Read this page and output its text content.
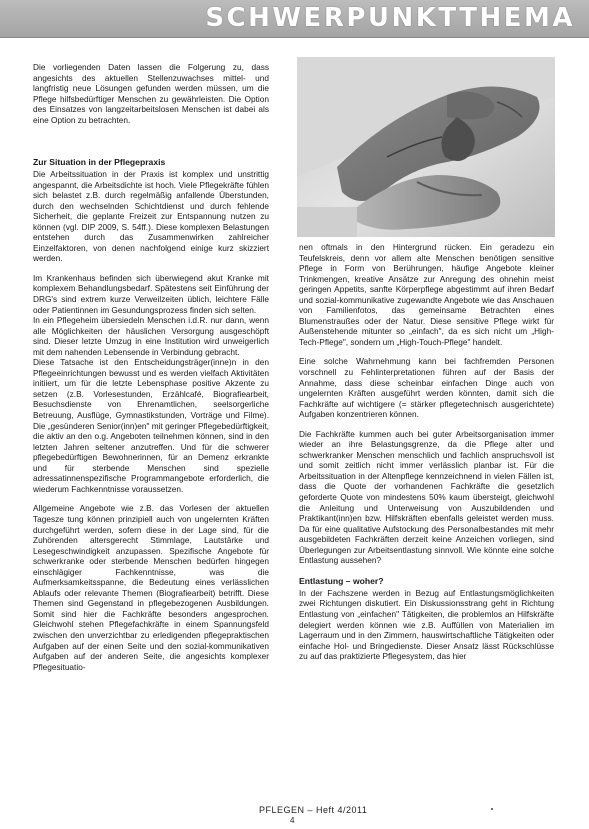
SCHWERPUNKTTHEMA

Die vorliegenden Daten lassen die Folgerung zu, dass angesichts des aktuellen Stellenzuwachses mittel- und langfristig neue Lösungen gefunden werden müssen, um die Pflege hilfsbedürftiger Menschen zu gewährleisten. Die Option des Einsatzes von langzeitarbeitslosen Menschen ist dabei als eine Option zu betrachten.

Zur Situation in der Pflegepraxis

Die Arbeitssituation in der Praxis ist komplex und unstrittig angespannt, die Arbeitsdichte ist hoch. Viele Pflegekräfte fühlen sich belastet z.B. durch regelmäßig anfallende Überstunden, durch den wechselnden Schichtdienst und durch fehlende Sicherheit, die geplante Freizeit zur Entspannung nutzen zu können (vgl. DIP 2009, S. 54ff.). Diese komplexen Belastungen entstehen durch das Zusammenwirken zahlreicher Einzelfaktoren, von denen nachfolgend einige kurz skizziert werden.

Im Krankenhaus befinden sich überwiegend akut Kranke mit komplexem Behandlungsbedarf. Spätestens seit Einführung der DRG's sind extrem kurze Verweilzeiten üblich, leichtere Fälle oder Patientinnen im Gesundungsprozess finden sich selten.

In ein Pflegeheim übersiedeln Menschen i.d.R. nur dann, wenn alle Möglichkeiten der häuslichen Versorgung ausgeschöpft sind. Dieser letzte Umzug in eine Institution wird unweigerlich mit dem nahenden Lebensende in Verbindung gebracht.

Diese Tatsache ist den Entscheidungsträger(inne)n in den Pflegeeinrichtungen bewusst und es werden vielfach Aktivitäten initiiert, um für die letzte Lebensphase positive Akzente zu setzen (z.B. Vorlesestunden, Erzählcafé, Biografiearbeit, Besuchsdienste von Ehrenamtlichen, seelsorgerliche Betreuung, Ausflüge, Gymnastikstunden, Vorträge und Filme). Die „gesünderen Senior(inn)en" mit geringer Pflegebedürftigkeit, die aktiv an den o.g. Angeboten teilnehmen können, sind in den letzten Jahren seltener anzutreffen. Und für die schwerer pflegebedürftigen Bewohnerinnen, für an Demenz erkrankte und für sterbende Menschen sind spezielle adressatinnenspezifische Programmangebote erforderlich, die wiederum Fachkenntnisse voraussetzen.

Allgemeine Angebote wie z.B. das Vorlesen der aktuellen Tagesze tung können prinzipiell auch von ungelernten Kräften durchgeführt werden, sofern diese in der Lage sind, für die Zuhörenden altersgerecht Stimmlage, Lautstärke und Lesegeschwindigkeit anzupassen. Spezifische Angebote für schwerkranke oder sterbende Menschen bedürfen hingegen einschlägiger Fachkenntnisse, was die Aufmerksamkeitsspanne, die Bedeutung eines verlässlichen Ablaufs oder relevante Themen (Biografiearbeit) betrifft. Diese Themen sind Gegenstand in pflegebezogenen Ausbildungen. Somit sind hier die Fachkräfte besonders angesprochen. Gleichwohl stehen Pflegefachkräfte in einem Spannungsfeld zwischen den unverzichtbar zu erledigenden pflegepraktischen Aufgaben auf der einen Seite und den sozial-kommunikativen Aufgaben auf der anderen Seite, die angesichts komplexer Pflegesituatio-

nen oftmals in den Hintergrund rücken. Ein geradezu ein Teufelskreis, denn vor allem alte Menschen benötigen sensitive Pflege in Form von Berührungen, häufige Angebote kleiner Trinkmengen, kreative Ansätze zur Anregung des ohnehin meist geringen Appetits, sanfte Körperpflege abgestimmt auf ihren Bedarf und sozial-kommunikative zugewandte Angebote wie das Anschauen von Familienfotos, das gemeinsame Betrachten eines Blumenstraußes oder der Natur. Diese sensitive Pflege wirkt für Außenstehende mitunter so „einfach", da es sich nicht um „High-Tech-Pflege", sondern um „High-Touch-Pflege" handelt.

Eine solche Wahrnehmung kann bei fachfremden Personen vorschnell zu Fehlinterpretationen führen auf der Basis der Annahme, dass diese scheinbar einfachen Dinge auch von ungelernten Kräften ausgeführt werden könnten, damit sich die Fachkräfte auf wichtigere (= stärker pflegetechnisch ausgerichtete) Aufgaben konzentrieren können.

Die Fachkräfte kummen auch bei guter Arbeitsorganisation immer wieder an ihre Belastungsgrenze, da die Pflege alter und schwerkranker Menschen menschlich und fachlich anspruchsvoll ist und somit zeitlich nicht immer verlässlich planbar ist. Für die Arbeitssituation in der Altenpflege kennzeichnend in vielen Fällen ist, dass die Quote der vorhandenen Fachkräfte die gesetzlich geforderte Quote von mindestens 50% kaum übersteigt, gleichwohl die Anleitung und Unterweisung von Auszubildenden und Praktikant(inn)en bzw. Hilfskräften ebenfalls geleistet werden muss. Da für eine qualitative Aufstockung des Personalbestandes mit mehr ausgebildeten Fachkräften derzeit keine Anzeichen vorliegen, sind Überlegungen zur Arbeitsentlastung sinnvoll. Wie könnte eine solche Entlastung aussehen?

Entlastung – woher?

In der Fachszene werden in Bezug auf Entlastungsmöglichkeiten zwei Richtungen diskutiert. Ein Diskussionsstrang geht in Richtung Entlastung von „einfachen" Tätigkeiten, die problemlos an Hilfskräfte delegiert werden können wie z.B. Auffüllen von Materialien im Lagerraum und in den Zimmern, hauswirtschaftliche Tätigkeiten oder einfache Hol- und Bringedienste. Dieser Ansatz lässt Rückschlüsse zu auf das praktizierte Pflegesystem, das hier

PFLEGEN – Heft 4/2011
4
